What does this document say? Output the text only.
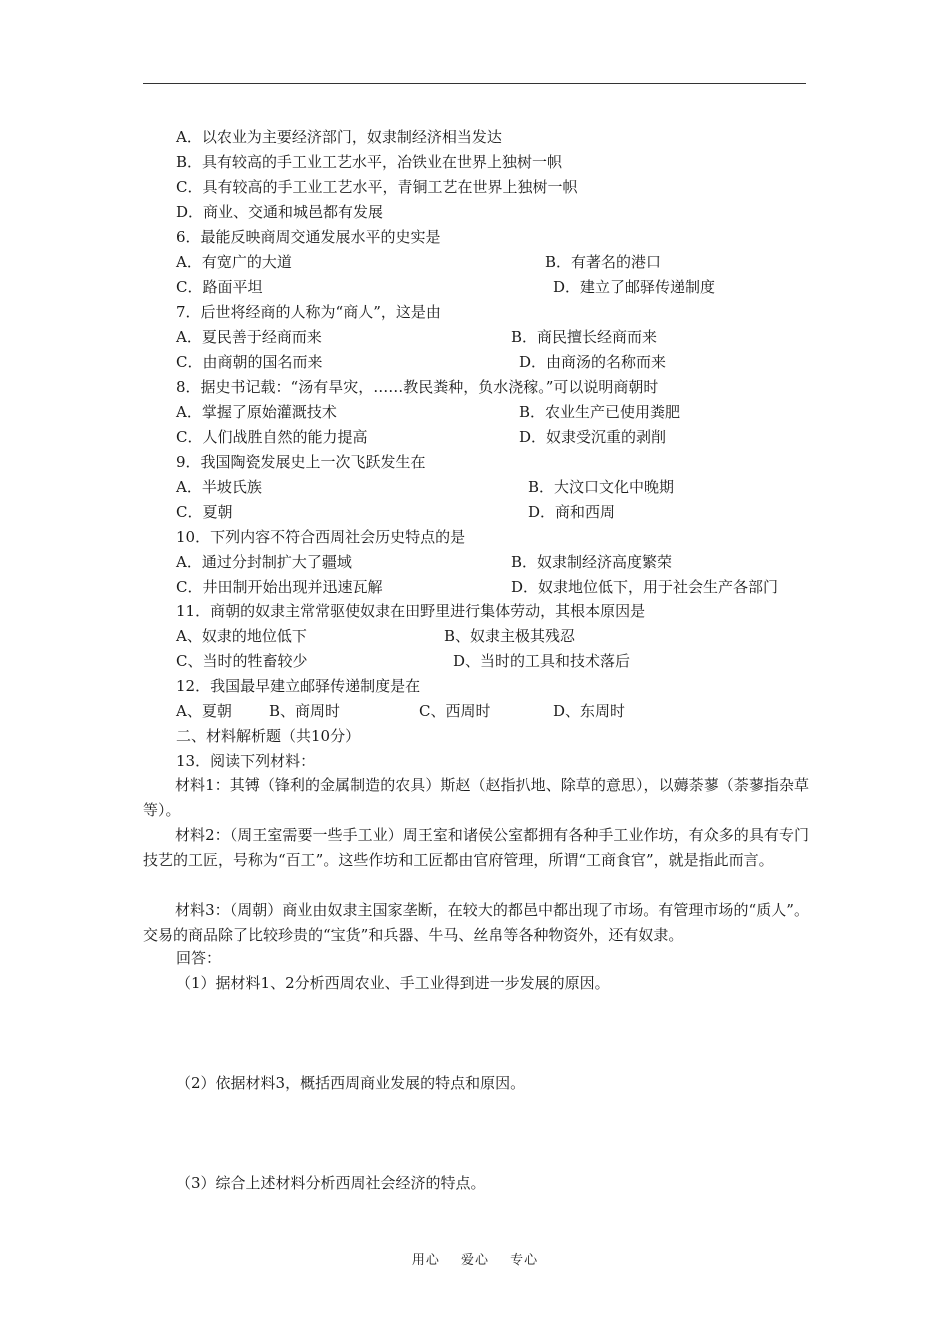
A．以农业为主要经济部门，奴隶制经济相当发达
B．具有较高的手工业工艺水平，冶铁业在世界上独树一帜
C．具有较高的手工业工艺水平，青铜工艺在世界上独树一帜
D．商业、交通和城邑都有发展
6．最能反映商周交通发展水平的史实是
A．有宽广的大道	B．有著名的港口
C．路面平坦	D．建立了邮驿传递制度
7．后世将经商的人称为“商人”，这是由
A．夏民善于经商而来	B．商民擅长经商而来
C．由商朝的国名而来	D．由商汤的名称而来
8．据史书记载：“汤有旱灾，……教民粪种，负水浇稼。”可以说明商朝时
A．掌握了原始灌溉技术	B．农业生产已使用粪肥
C．人们战胜自然的能力提高	D．奴隶受沉重的剥削
9．我国陶瓷发展史上一次飞跃发生在
A．半坡氏族	B．大汶口文化中晚期
C．夏朝	D．商和西周
10．下列内容不符合西周社会历史特点的是
A．通过分封制扩大了疆域	B．奴隶制经济高度繁荣
C．井田制开始出现并迅速瓦解	D．奴隶地位低下，用于社会生产各部门
11．商朝的奴隶主常常驱使奴隶在田野里进行集体劳动，其根本原因是
A、奴隶的地位低下	B、奴隶主极其残忍
C、当时的牲畜较少	D、当时的工具和技术落后
12．我国最早建立邮驿传递制度是在
A、夏朝 B、商周时	C、西周时	D、东周时
二、材料解析题（共10分）
13．阅读下列材料：
材料1：其镈（锋利的金属制造的农具）斯赵（赵指扒地、除草的意思），以薅荼蓼（荼蓼指杂草等）。
材料2：（周王室需要一些手工业）周王室和诸侯公室都拥有各种手工业作坊，有众多的具有专门技艺的工匠，号称为“百工”。这些作坊和工匠都由官府管理，所谓“工商食官”，就是指此而言。
材料3：（周朝）商业由奴隶主国家垄断，在较大的都邑中都出现了市场。有管理市场的“质人”。交易的商品除了比较珍贵的“宝货”和兵器、牛马、丝帛等各种物资外，还有奴隶。
回答：
（1）据材料1、2分析西周农业、手工业得到进一步发展的原因。
（2）依据材料3，概括西周商业发展的特点和原因。
（3）综合上述材料分析西周社会经济的特点。
用心 爱心 专心
